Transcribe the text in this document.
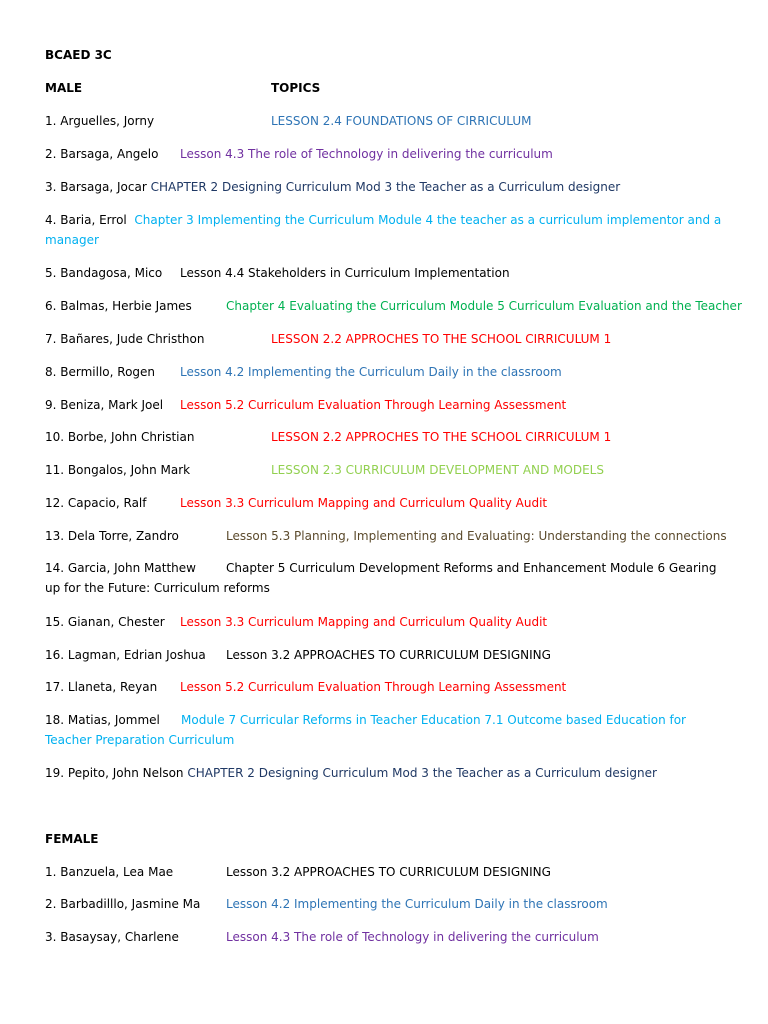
BCAED 3C
MALE	TOPICS
1. Arguelles, Jorny	LESSON 2.4 FOUNDATIONS OF CIRRICULUM
2. Barsaga, Angelo	Lesson 4.3 The role of Technology in delivering the curriculum
3. Barsaga, Jocar CHAPTER 2 Designing Curriculum Mod 3 the Teacher as a Curriculum designer
4. Baria, Errol Chapter 3 Implementing the Curriculum Module 4 the teacher as a curriculum implementor and a manager
5. Bandagosa, Mico	Lesson 4.4 Stakeholders in Curriculum Implementation
6. Balmas, Herbie James	Chapter 4 Evaluating the Curriculum Module 5 Curriculum Evaluation and the Teacher
7. Bañares, Jude Christhon	LESSON 2.2 APPROCHES TO THE SCHOOL CIRRICULUM 1
8. Bermillo, Rogen	Lesson 4.2 Implementing the Curriculum Daily in the classroom
9. Beniza, Mark Joel	Lesson 5.2 Curriculum Evaluation Through Learning Assessment
10. Borbe, John Christian	LESSON 2.2 APPROCHES TO THE SCHOOL CIRRICULUM 1
11. Bongalos, John Mark	LESSON 2.3 CURRICULUM DEVELOPMENT AND MODELS
12. Capacio, Ralf	Lesson 3.3 Curriculum Mapping and Curriculum Quality Audit
13. Dela Torre, Zandro	Lesson 5.3 Planning, Implementing and Evaluating: Understanding the connections
14. Garcia, John Matthew	Chapter 5 Curriculum Development Reforms and Enhancement Module 6 Gearing up for the Future: Curriculum reforms
15. Gianan, Chester	Lesson 3.3 Curriculum Mapping and Curriculum Quality Audit
16. Lagman, Edrian Joshua	Lesson 3.2 APPROACHES TO CURRICULUM DESIGNING
17. Llaneta, Reyan	Lesson 5.2 Curriculum Evaluation Through Learning Assessment
18. Matias, Jommel Module 7 Curricular Reforms in Teacher Education 7.1 Outcome based Education for Teacher Preparation Curriculum
19. Pepito, John Nelson CHAPTER 2 Designing Curriculum Mod 3 the Teacher as a Curriculum designer
FEMALE
1. Banzuela, Lea Mae	Lesson 3.2 APPROACHES TO CURRICULUM DESIGNING
2. Barbadilllo, Jasmine Ma	Lesson 4.2 Implementing the Curriculum Daily in the classroom
3. Basaysay, Charlene	Lesson 4.3 The role of Technology in delivering the curriculum
